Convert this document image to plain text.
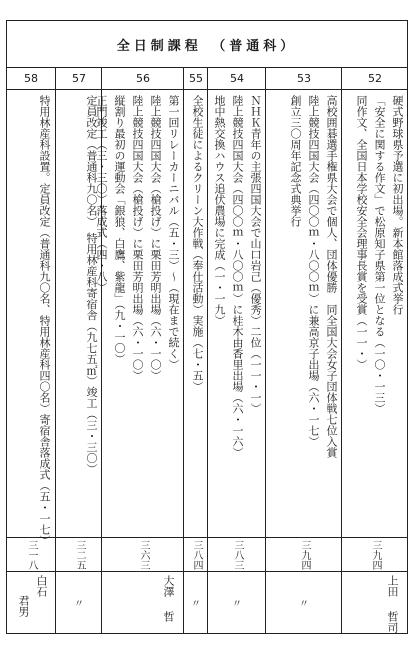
全日制課程　（普通科）
58
特用林産科設置。定員改定（普通科九〇名、特用林産科四〇名）寄宿舎落成式（五・一七）
三一八
白石
君男
57
定員改定（普通科九〇名）　特用林産科寄宿舎（九七五㎡）竣工（三・三〇）
三二五
〃
56
第一回リレーカーニバル（五・三）～（現在まで続く）
陸上競技四国大会（槍投げ）に栗田芳明出場（六・一〇）
陸上競技四国大会（槍投げ）に栗田芳明出場（六・一〇）
縦割り最初の運動会「銀狼、白鷹、紫龍」（九・一〇）
正門竣工（三・三〇）落成式（四・八）
三六三
大澤
哲
55
全校生徒によるクリーン大作戦（奉仕活動）実施（七・五）
三八四
〃
54
ＮＨＫ青年の主張四国大会で山口岩己（優秀）二位（一一・一）
陸上競技四国大会（四〇〇ｍ・八〇〇ｍ）に桂木由香里出場（六・一六）
地中熱交換ハウス追伏農場に完成（一・一九）
三八三
〃
53
高校囲碁選手権県大会で個人、団体優勝　同全国大会女子団体戦七位入賞
陸上競技四国大会（四〇〇ｍ・八〇〇ｍ）に兼高京子出場（六・一七）
創立三〇周年記念式典挙行
三九四
〃
52
硬式野球県予選に初出場。新本館落成式挙行
「安全に関する作文」で松原知子県第一位となる（一〇・一三）
同作文、全国日本学校安全会理事長賞を受賞（一一・）
三九四
上田
哲司
